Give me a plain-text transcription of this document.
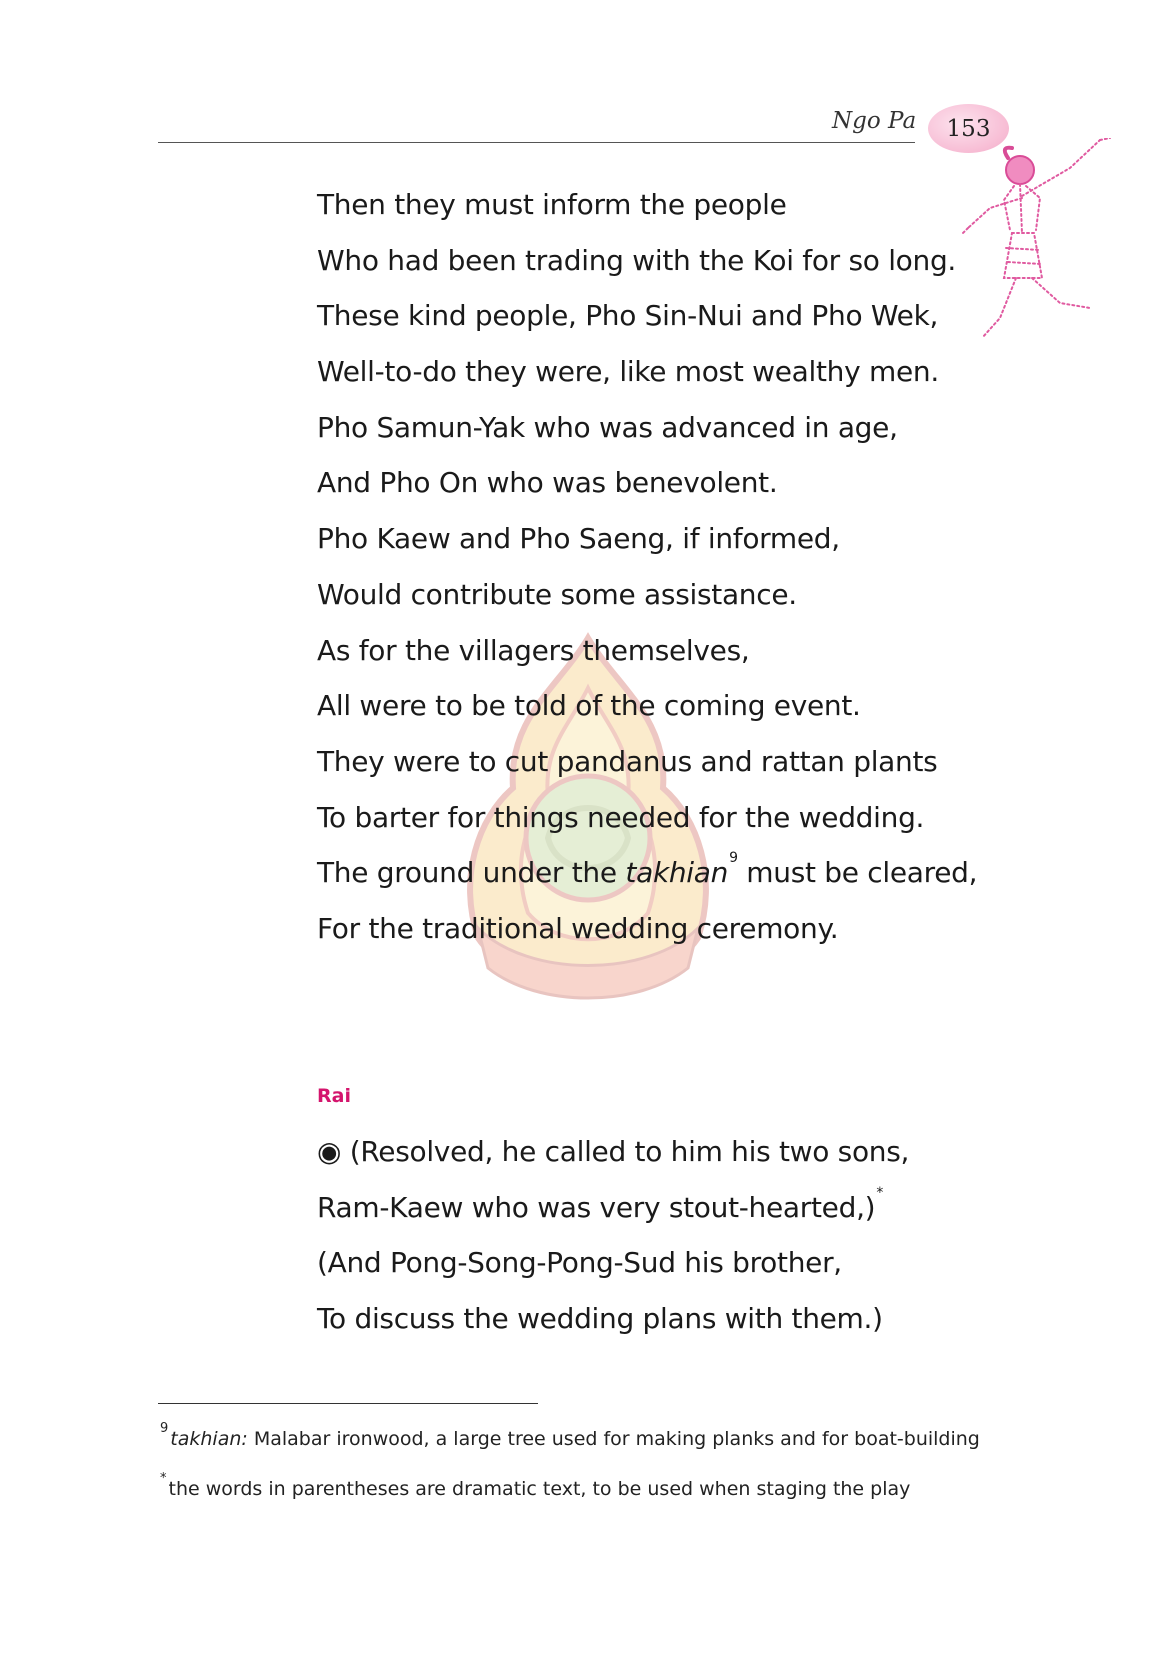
Ngo Pa 153
Then they must inform the people
Who had been trading with the Koi for so long.
These kind people, Pho Sin-Nui and Pho Wek,
Well-to-do they were, like most wealthy men.
Pho Samun-Yak who was advanced in age,
And Pho On who was benevolent.
Pho Kaew and Pho Saeng, if informed,
Would contribute some assistance.
As for the villagers themselves,
All were to be told of the coming event.
They were to cut pandanus and rattan plants
To barter for things needed for the wedding.
The ground under the takhian$^9$ must be cleared,
For the traditional wedding ceremony.
Rai
◉ (Resolved, he called to him his two sons,
Ram-Kaew who was very stout-hearted,)*
(And Pong-Song-Pong-Sud his brother,
To discuss the wedding plans with them.)
$^9$ takhian: Malabar ironwood, a large tree used for making planks and for boat-building
* the words in parentheses are dramatic text, to be used when staging the play
